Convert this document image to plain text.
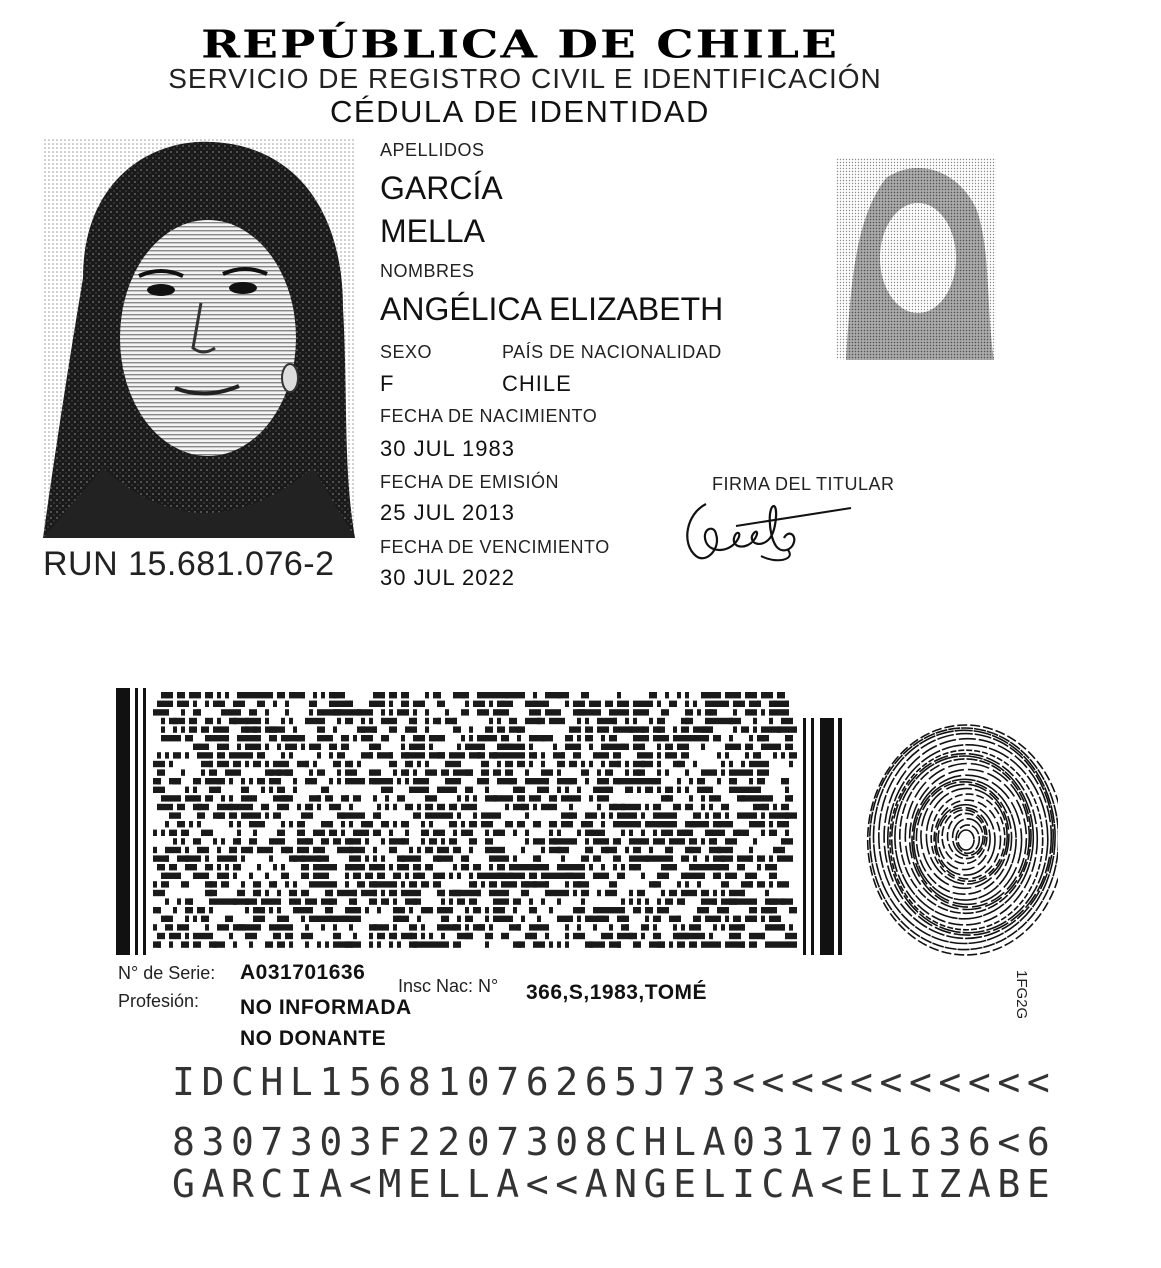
REPÚBLICA DE CHILE
SERVICIO DE REGISTRO CIVIL E IDENTIFICACIÓN
CÉDULA DE IDENTIDAD
APELLIDOS
GARCÍA
MELLA
NOMBRES
ANGÉLICA ELIZABETH
SEXO	PAÍS DE NACIONALIDAD
F	CHILE
FECHA DE NACIMIENTO
30 JUL 1983
FECHA DE EMISIÓN
25 JUL 2013
FECHA DE VENCIMIENTO
30 JUL 2022
FIRMA DEL TITULAR
RUN 15.681.076-2
N° de Serie: A031701636
Insc Nac: N° 366,S,1983,TOMÉ
Profesión: NO INFORMADA
NO DONANTE
1FG2G
IDCHL15681076265J73<<<<<<<<<<<
8307303F2207308CHLA031701636<6
GARCIA<MELLA<<ANGELICA<ELIZABE
